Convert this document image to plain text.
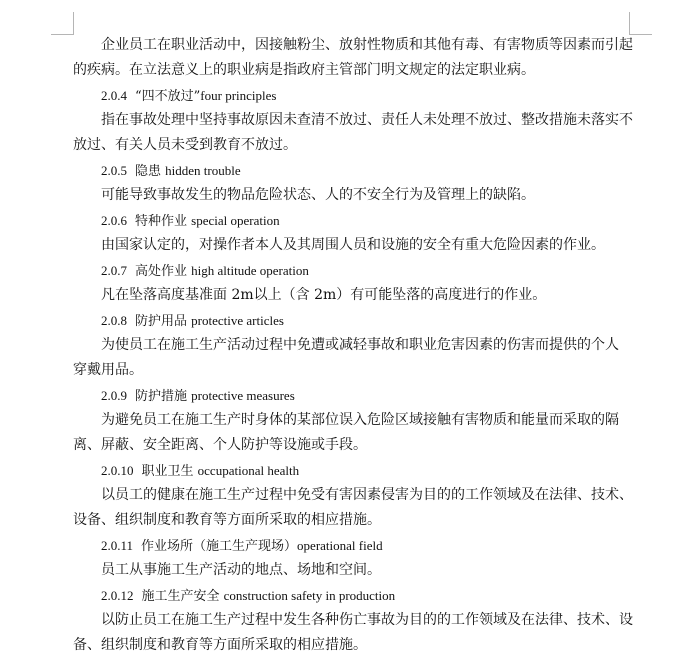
企业员工在职业活动中，因接触粉尘、放射性物质和其他有毒、有害物质等因素而引起
的疾病。在立法意义上的职业病是指政府主管部门明文规定的法定职业病。
2.0.4 “四不放过”four principles
指在事故处理中坚持事故原因未查清不放过、责任人未处理不放过、整改措施未落实不
放过、有关人员未受到教育不放过。
2.0.5 隐患 hidden trouble
可能导致事故发生的物品危险状态、人的不安全行为及管理上的缺陷。
2.0.6 特种作业 special operation
由国家认定的，对操作者本人及其周围人员和设施的安全有重大危险因素的作业。
2.0.7 高处作业 high altitude operation
凡在坠落高度基准面 2m以上（含 2m）有可能坠落的高度进行的作业。
2.0.8 防护用品 protective articles
为使员工在施工生产活动过程中免遭或减轻事故和职业危害因素的伤害而提供的个人
穿戴用品。
2.0.9 防护措施 protective measures
为避免员工在施工生产时身体的某部位误入危险区域接触有害物质和能量而采取的隔
离、屏蔽、安全距离、个人防护等设施或手段。
2.0.10 职业卫生 occupational health
以员工的健康在施工生产过程中免受有害因素侵害为目的的工作领域及在法律、技术、
设备、组织制度和教育等方面所采取的相应措施。
2.0.11 作业场所（施工生产现场）operational field
员工从事施工生产活动的地点、场地和空间。
2.0.12 施工生产安全 construction safety in production
以防止员工在施工生产过程中发生各种伤亡事故为目的的工作领域及在法律、技术、设
备、组织制度和教育等方面所采取的相应措施。
